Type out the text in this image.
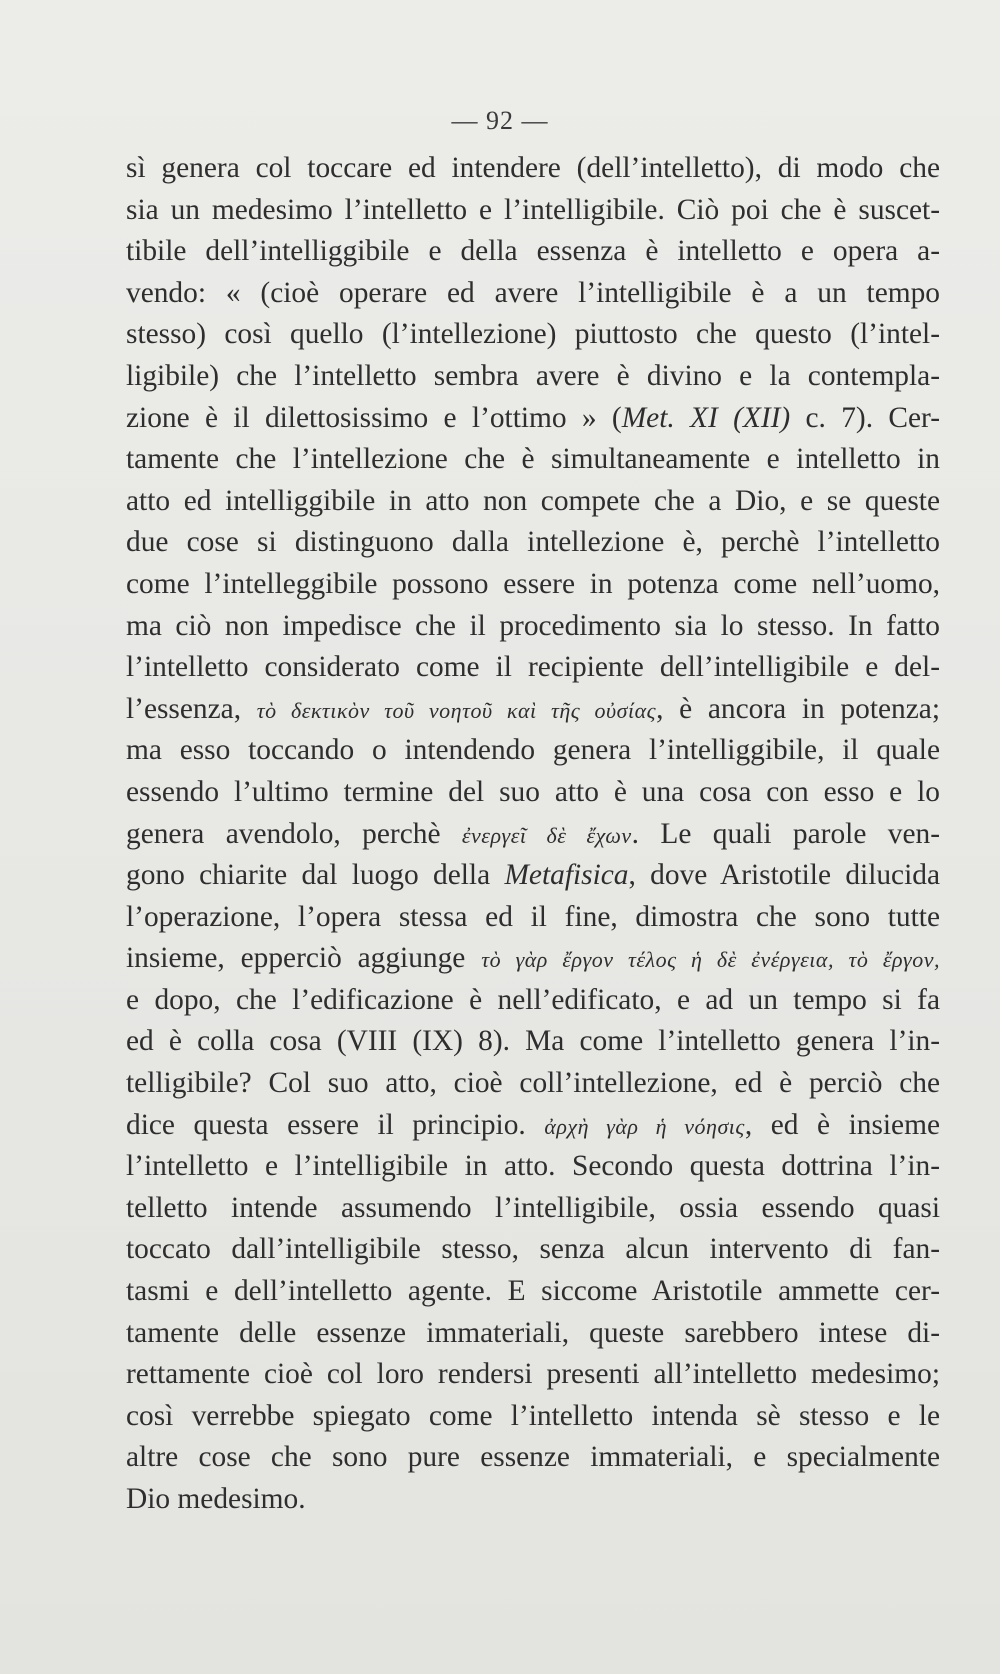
— 92 —
sì genera col toccare ed intendere (dell’intelletto), di modo che
sia un medesimo l’intelletto e l’intelligibile. Ciò poi che è suscet-
tibile dell’intelliggibile e della essenza è intelletto e opera a-
vendo: « (cioè operare ed avere l’intelligibile è a un tempo
stesso) così quello (l’intellezione) piuttosto che questo (l’intel-
ligibile) che l’intelletto sembra avere è divino e la contempla-
zione è il dilettosissimo e l’ottimo » (Met. XI (XII) c. 7). Cer-
tamente che l’intellezione che è simultaneamente e intelletto in
atto ed intelliggibile in atto non compete che a Dio, e se queste
due cose si distinguono dalla intellezione è, perchè l’intelletto
come l’intelleggibile possono essere in potenza come nell’uomo,
ma ciò non impedisce che il procedimento sia lo stesso. In fatto
l’intelletto considerato come il recipiente dell’intelligibile e del-
l’essenza, τὸ δεκτικὸν τοῦ νοητοῦ καὶ τῆς οὐσίας, è ancora in potenza;
ma esso toccando o intendendo genera l’intelliggibile, il quale
essendo l’ultimo termine del suo atto è una cosa con esso e lo
genera avendolo, perchè ἐνεργεῖ δὲ ἔχων. Le quali parole ven-
gono chiarite dal luogo della Metafisica, dove Aristotile dilucida
l’operazione, l’opera stessa ed il fine, dimostra che sono tutte
insieme, epperciò aggiunge τὸ γὰρ ἔργον τέλος ἡ δὲ ἐνέργεια, τὸ ἔργον,
e dopo, che l’edificazione è nell’edificato, e ad un tempo si fa
ed è colla cosa (VIII (IX) 8). Ma come l’intelletto genera l’in-
telligibile? Col suo atto, cioè coll’intellezione, ed è perciò che
dice questa essere il principio. ἀρχὴ γὰρ ἡ νόησις, ed è insieme
l’intelletto e l’intelligibile in atto. Secondo questa dottrina l’in-
telletto intende assumendo l’intelligibile, ossia essendo quasi
toccato dall’intelligibile stesso, senza alcun intervento di fan-
tasmi e dell’intelletto agente. E siccome Aristotile ammette cer-
tamente delle essenze immateriali, queste sarebbero intese di-
rettamente cioè col loro rendersi presenti all’intelletto medesimo;
così verrebbe spiegato come l’intelletto intenda sè stesso e le
altre cose che sono pure essenze immateriali, e specialmente
Dio medesimo.
